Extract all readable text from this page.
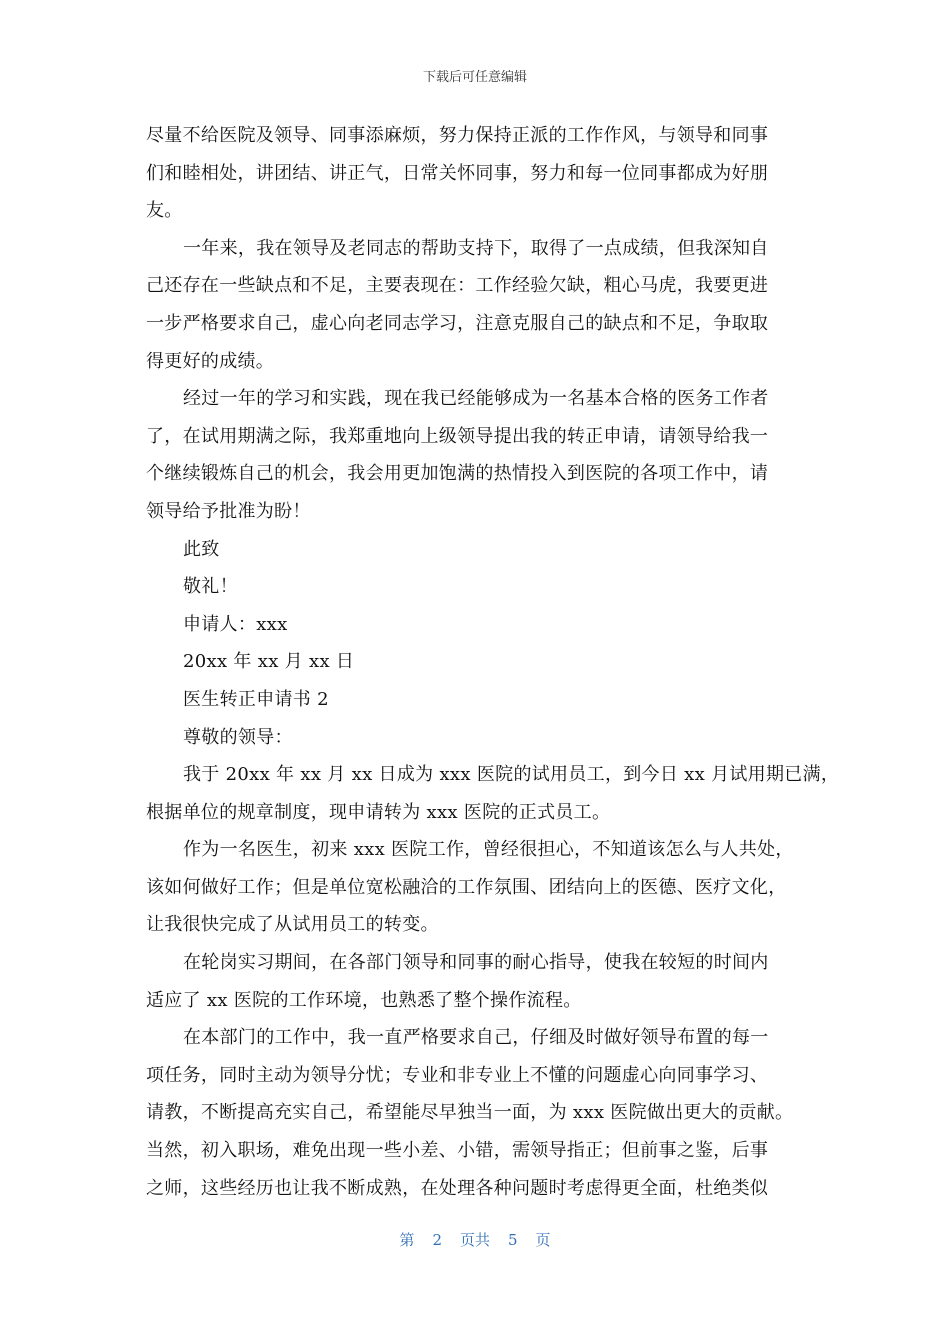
下载后可任意编辑
尽量不给医院及领导、同事添麻烦，努力保持正派的工作作风，与领导和同事
们和睦相处，讲团结、讲正气，日常关怀同事，努力和每一位同事都成为好朋
友。
一年来，我在领导及老同志的帮助支持下，取得了一点成绩，但我深知自
己还存在一些缺点和不足，主要表现在：工作经验欠缺，粗心马虎，我要更进
一步严格要求自己，虚心向老同志学习，注意克服自己的缺点和不足，争取取
得更好的成绩。
经过一年的学习和实践，现在我已经能够成为一名基本合格的医务工作者
了，在试用期满之际，我郑重地向上级领导提出我的转正申请，请领导给我一
个继续锻炼自己的机会，我会用更加饱满的热情投入到医院的各项工作中，请
领导给予批准为盼！
此致
敬礼！
申请人：xxx
20xx 年 xx 月 xx 日
医生转正申请书 2
尊敬的领导：
我于 20xx 年 xx 月 xx 日成为 xxx 医院的试用员工，到今日 xx 月试用期已满，
根据单位的规章制度，现申请转为 xxx 医院的正式员工。
作为一名医生，初来 xxx 医院工作，曾经很担心，不知道该怎么与人共处，
该如何做好工作；但是单位宽松融洽的工作氛围、团结向上的医德、医疗文化，
让我很快完成了从试用员工的转变。
在轮岗实习期间，在各部门领导和同事的耐心指导，使我在较短的时间内
适应了 xx 医院的工作环境，也熟悉了整个操作流程。
在本部门的工作中，我一直严格要求自己，仔细及时做好领导布置的每一
项任务，同时主动为领导分忧；专业和非专业上不懂的问题虚心向同事学习、
请教，不断提高充实自己，希望能尽早独当一面，为 xxx 医院做出更大的贡献。
当然，初入职场，难免出现一些小差、小错，需领导指正；但前事之鉴，后事
之师，这些经历也让我不断成熟，在处理各种问题时考虑得更全面，杜绝类似
第 2 页共 5 页
